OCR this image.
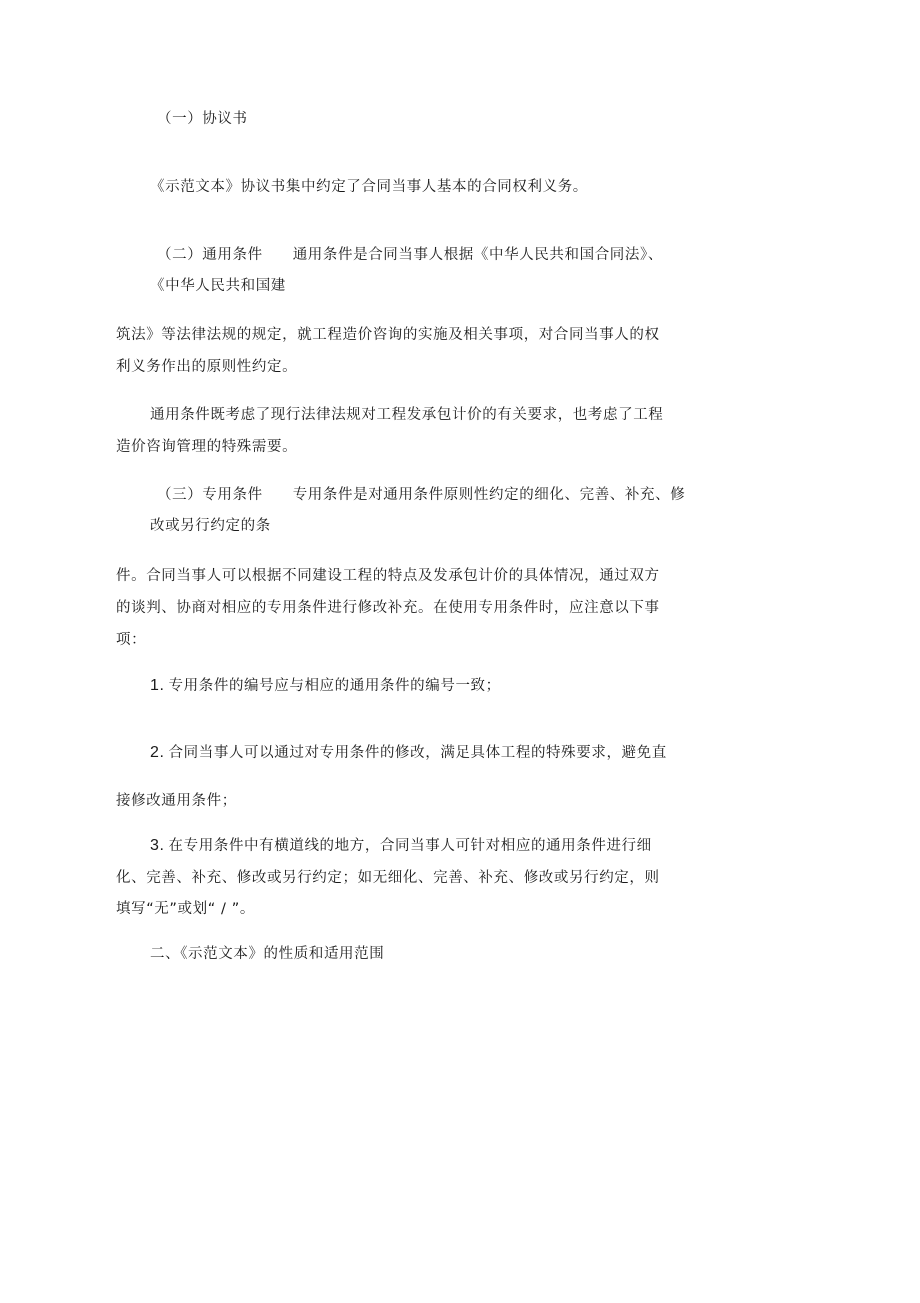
（一）协议书
《示范文本》协议书集中约定了合同当事人基本的合同权利义务。
（二）通用条件 通用条件是合同当事人根据《中华人民共和国合同法》、
《中华人民共和国建
筑法》等法律法规的规定，就工程造价咨询的实施及相关事项，对合同当事人的权
利义务作出的原则性约定。
通用条件既考虑了现行法律法规对工程发承包计价的有关要求，也考虑了工程
造价咨询管理的特殊需要。
（三）专用条件 专用条件是对通用条件原则性约定的细化、完善、补充、修
改或另行约定的条
件。合同当事人可以根据不同建设工程的特点及发承包计价的具体情况，通过双方
的谈判、协商对相应的专用条件进行修改补充。在使用专用条件时，应注意以下事
项：
1. 专用条件的编号应与相应的通用条件的编号一致；
2. 合同当事人可以通过对专用条件的修改，满足具体工程的特殊要求，避免直
接修改通用条件；
3. 在专用条件中有横道线的地方，合同当事人可针对相应的通用条件进行细
化、完善、补充、修改或另行约定；如无细化、完善、补充、修改或另行约定，则
填写“无”或划“ / ”。
二、《示范文本》的性质和适用范围
